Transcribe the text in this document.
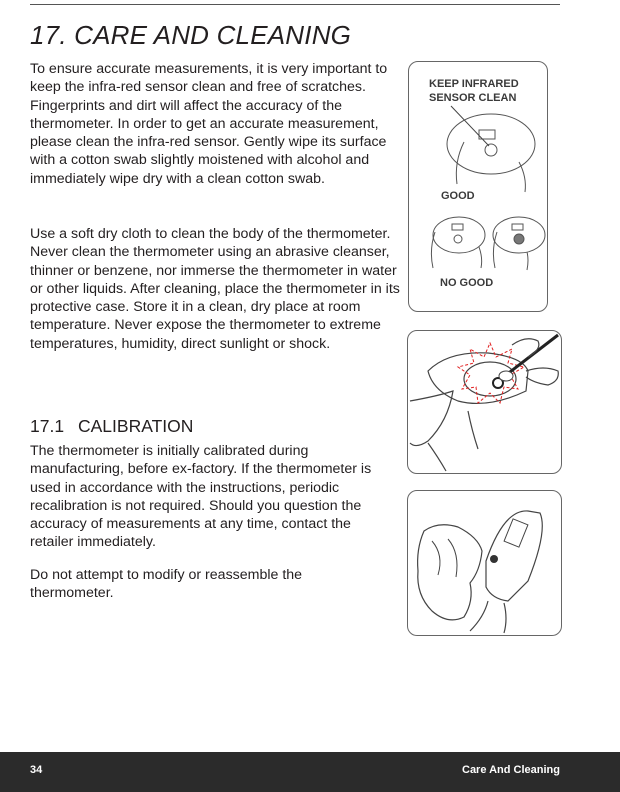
17. CARE AND CLEANING

To ensure accurate measurements, it is very important to keep the infra-red sensor clean and free of scratches. Fingerprints and dirt will affect the accuracy of the thermometer. In order to get an accurate measurement, please clean the infra-red sensor. Gently wipe its surface with a cotton swab slightly moistened with alcohol and immediately wipe dry with a clean cotton swab.

Use a soft dry cloth to clean the body of the thermometer. Never clean the thermometer using an abrasive cleanser, thinner or benzene, nor immerse the thermometer in water or other liquids. After cleaning, place the thermometer in its protective case. Store it in a clean, dry place at room temperature. Never expose the thermometer to extreme temperatures, humidity, direct sunlight or shock.

17.1 CALIBRATION

The thermometer is initially calibrated during manufacturing, before ex-factory. If the thermometer is used in accordance with the instructions, periodic recalibration is not required. Should you question the accuracy of measurements at any time, contact the retailer immediately.

Do not attempt to modify or reassemble the thermometer.

KEEP INFRARED
SENSOR CLEAN
GOOD
NO GOOD
34	Care And Cleaning
